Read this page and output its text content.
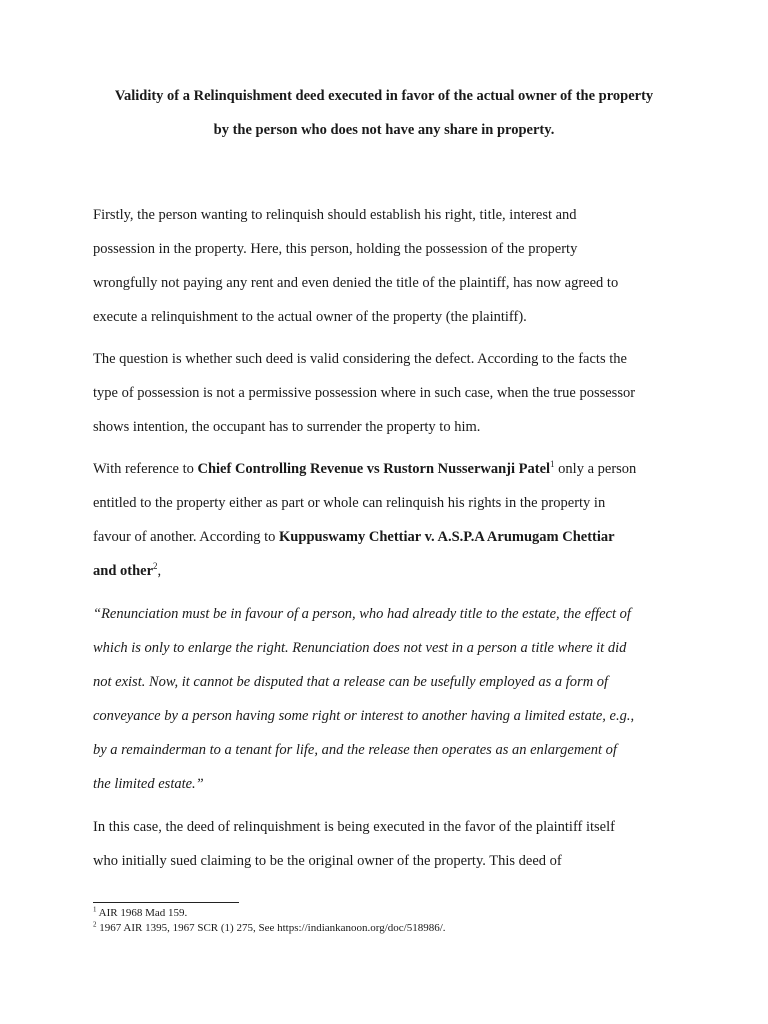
Validity of a Relinquishment deed executed in favor of the actual owner of the property
by the person who does not have any share in property.
Firstly, the person wanting to relinquish should establish his right, title, interest and
possession in the property. Here, this person, holding the possession of the property
wrongfully not paying any rent and even denied the title of the plaintiff, has now agreed to
execute a relinquishment to the actual owner of the property (the plaintiff).
The question is whether such deed is valid considering the defect. According to the facts the
type of possession is not a permissive possession where in such case, when the true possessor
shows intention, the occupant has to surrender the property to him.
With reference to Chief Controlling Revenue vs Rustorn Nusserwanji Patel$^1$ only a person
entitled to the property either as part or whole can relinquish his rights in the property in
favour of another. According to Kuppuswamy Chettiar v. A.S.P.A Arumugam Chettiar
and other$^2$,
“Renunciation must be in favour of a person, who had already title to the estate, the effect of
which is only to enlarge the right. Renunciation does not vest in a person a title where it did
not exist. Now, it cannot be disputed that a release can be usefully employed as a form of
conveyance by a person having some right or interest to another having a limited estate, e.g.,
by a remainderman to a tenant for life, and the release then operates as an enlargement of
the limited estate.”
In this case, the deed of relinquishment is being executed in the favor of the plaintiff itself
who initially sued claiming to be the original owner of the property. This deed of
$^1$ AIR 1968 Mad 159.
$^2$ 1967 AIR 1395, 1967 SCR (1) 275, See https://indiankanoon.org/doc/518986/.
